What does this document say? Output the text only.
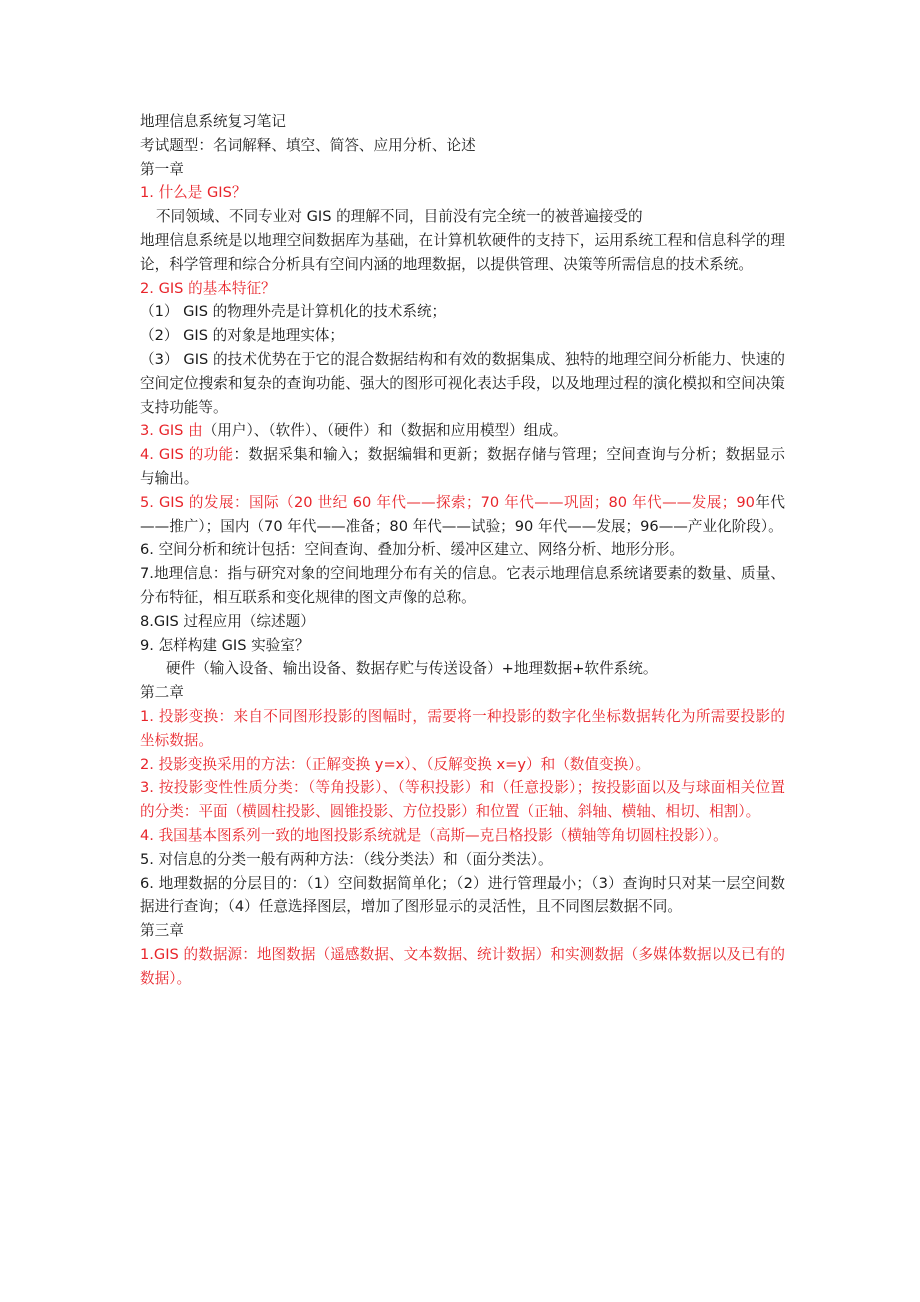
地理信息系统复习笔记

考试题型：名词解释、填空、简答、应用分析、论述

第一章

1. 什么是 GIS？

不同领域、不同专业对 GIS 的理解不同，目前没有完全统一的被普遍接受的

地理信息系统是以地理空间数据库为基础，在计算机软硬件的支持下，运用系统工程和信息科学的理论，科学管理和综合分析具有空间内涵的地理数据，以提供管理、决策等所需信息的技术系统。

2. GIS 的基本特征？

（1） GIS 的物理外壳是计算机化的技术系统；

（2） GIS 的对象是地理实体；

（3） GIS 的技术优势在于它的混合数据结构和有效的数据集成、独特的地理空间分析能力、快速的空间定位搜索和复杂的查询功能、强大的图形可视化表达手段，以及地理过程的演化模拟和空间决策支持功能等。

3. GIS 由（用户）、（软件）、（硬件）和（数据和应用模型）组成。

4. GIS 的功能：数据采集和输入；数据编辑和更新；数据存储与管理；空间查询与分析；数据显示与输出。

5. GIS 的发展：国际（20 世纪 60 年代——探索；70 年代——巩固；80 年代——发展；90年代——推广）；国内（70 年代——准备；80 年代——试验；90 年代——发展；96——产业化阶段）。

6. 空间分析和统计包括：空间查询、叠加分析、缓冲区建立、网络分析、地形分形。

7.地理信息：指与研究对象的空间地理分布有关的信息。它表示地理信息系统诸要素的数量、质量、分布特征，相互联系和变化规律的图文声像的总称。

8.GIS 过程应用（综述题）

9. 怎样构建 GIS 实验室？

硬件（输入设备、输出设备、数据存贮与传送设备）+地理数据+软件系统。

第二章

1. 投影变换：来自不同图形投影的图幅时，需要将一种投影的数字化坐标数据转化为所需要投影的坐标数据。

2. 投影变换采用的方法：（正解变换 y=x）、（反解变换 x=y）和（数值变换）。

3. 按投影变性性质分类：（等角投影）、（等积投影）和（任意投影）；按投影面以及与球面相关位置的分类：平面（横圆柱投影、圆锥投影、方位投影）和位置（正轴、斜轴、横轴、相切、相割）。

4. 我国基本图系列一致的地图投影系统就是（高斯—克吕格投影（横轴等角切圆柱投影））。

5. 对信息的分类一般有两种方法：（线分类法）和（面分类法）。

6. 地理数据的分层目的：（1）空间数据简单化；（2）进行管理最小；（3）查询时只对某一层空间数据进行查询；（4）任意选择图层，增加了图形显示的灵活性，且不同图层数据不同。

第三章

1.GIS 的数据源：地图数据（遥感数据、文本数据、统计数据）和实测数据（多媒体数据以及已有的数据）。
